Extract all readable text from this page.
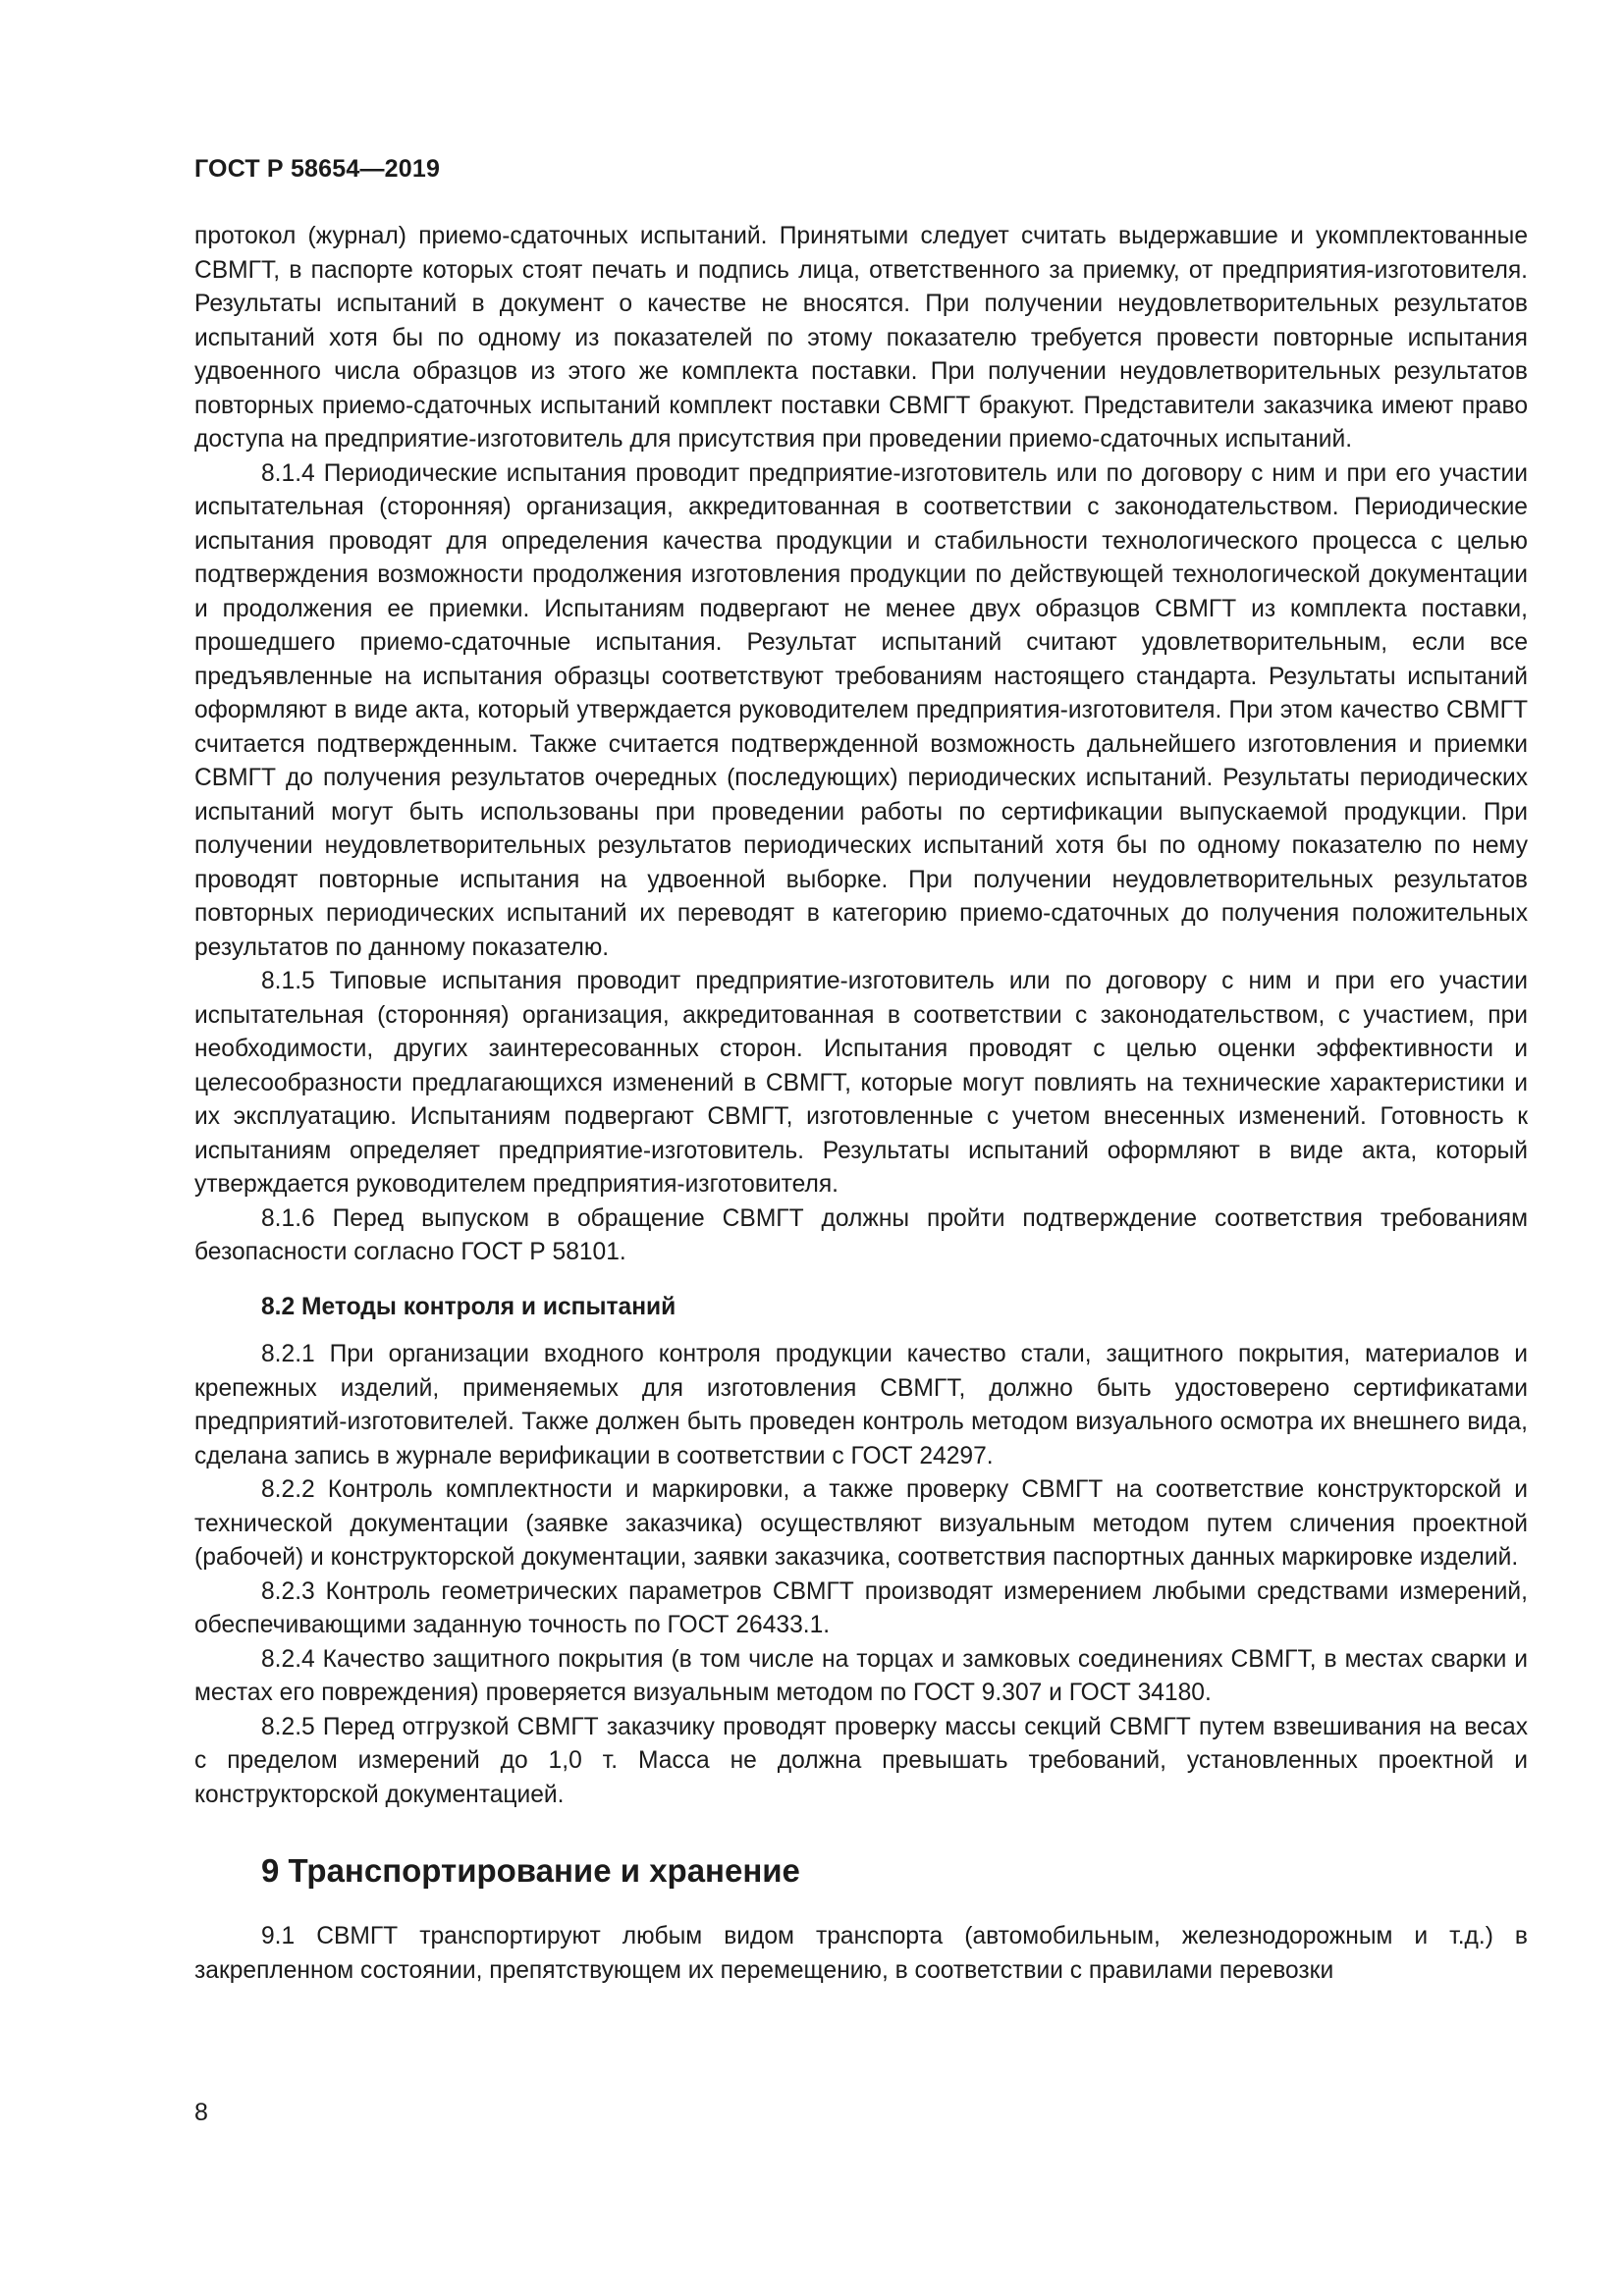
ГОСТ Р 58654—2019

протокол (журнал) приемо-сдаточных испытаний. Принятыми следует считать выдержавшие и укомплектованные СВМГТ, в паспорте которых стоят печать и подпись лица, ответственного за приемку, от предприятия-изготовителя. Результаты испытаний в документ о качестве не вносятся. При получении неудовлетворительных результатов испытаний хотя бы по одному из показателей по этому показателю требуется провести повторные испытания удвоенного числа образцов из этого же комплекта поставки. При получении неудовлетворительных результатов повторных приемо-сдаточных испытаний комплект поставки СВМГТ бракуют. Представители заказчика имеют право доступа на предприятие-изготовитель для присутствия при проведении приемо-сдаточных испытаний.

8.1.4 Периодические испытания проводит предприятие-изготовитель или по договору с ним и при его участии испытательная (сторонняя) организация, аккредитованная в соответствии с законодательством. Периодические испытания проводят для определения качества продукции и стабильности технологического процесса с целью подтверждения возможности продолжения изготовления продукции по действующей технологической документации и продолжения ее приемки. Испытаниям подвергают не менее двух образцов СВМГТ из комплекта поставки, прошедшего приемо-сдаточные испытания. Результат испытаний считают удовлетворительным, если все предъявленные на испытания образцы соответствуют требованиям настоящего стандарта. Результаты испытаний оформляют в виде акта, который утверждается руководителем предприятия-изготовителя. При этом качество СВМГТ считается подтвержденным. Также считается подтвержденной возможность дальнейшего изготовления и приемки СВМГТ до получения результатов очередных (последующих) периодических испытаний. Результаты периодических испытаний могут быть использованы при проведении работы по сертификации выпускаемой продукции. При получении неудовлетворительных результатов периодических испытаний хотя бы по одному показателю по нему проводят повторные испытания на удвоенной выборке. При получении неудовлетворительных результатов повторных периодических испытаний их переводят в категорию приемо-сдаточных до получения положительных результатов по данному показателю.

8.1.5 Типовые испытания проводит предприятие-изготовитель или по договору с ним и при его участии испытательная (сторонняя) организация, аккредитованная в соответствии с законодательством, с участием, при необходимости, других заинтересованных сторон. Испытания проводят с целью оценки эффективности и целесообразности предлагающихся изменений в СВМГТ, которые могут повлиять на технические характеристики и их эксплуатацию. Испытаниям подвергают СВМГТ, изготовленные с учетом внесенных изменений. Готовность к испытаниям определяет предприятие-изготовитель. Результаты испытаний оформляют в виде акта, который утверждается руководителем предприятия-изготовителя.

8.1.6 Перед выпуском в обращение СВМГТ должны пройти подтверждение соответствия требованиям безопасности согласно ГОСТ Р 58101.

8.2 Методы контроля и испытаний

8.2.1 При организации входного контроля продукции качество стали, защитного покрытия, материалов и крепежных изделий, применяемых для изготовления СВМГТ, должно быть удостоверено сертификатами предприятий-изготовителей. Также должен быть проведен контроль методом визуального осмотра их внешнего вида, сделана запись в журнале верификации в соответствии с ГОСТ 24297.

8.2.2 Контроль комплектности и маркировки, а также проверку СВМГТ на соответствие конструкторской и технической документации (заявке заказчика) осуществляют визуальным методом путем сличения проектной (рабочей) и конструкторской документации, заявки заказчика, соответствия паспортных данных маркировке изделий.

8.2.3 Контроль геометрических параметров СВМГТ производят измерением любыми средствами измерений, обеспечивающими заданную точность по ГОСТ 26433.1.

8.2.4 Качество защитного покрытия (в том числе на торцах и замковых соединениях СВМГТ, в местах сварки и местах его повреждения) проверяется визуальным методом по ГОСТ 9.307 и ГОСТ 34180.

8.2.5 Перед отгрузкой СВМГТ заказчику проводят проверку массы секций СВМГТ путем взвешивания на весах с пределом измерений до 1,0 т. Масса не должна превышать требований, установленных проектной и конструкторской документацией.

9 Транспортирование и хранение

9.1 СВМГТ транспортируют любым видом транспорта (автомобильным, железнодорожным и т.д.) в закрепленном состоянии, препятствующем их перемещению, в соответствии с правилами перевозки

8
